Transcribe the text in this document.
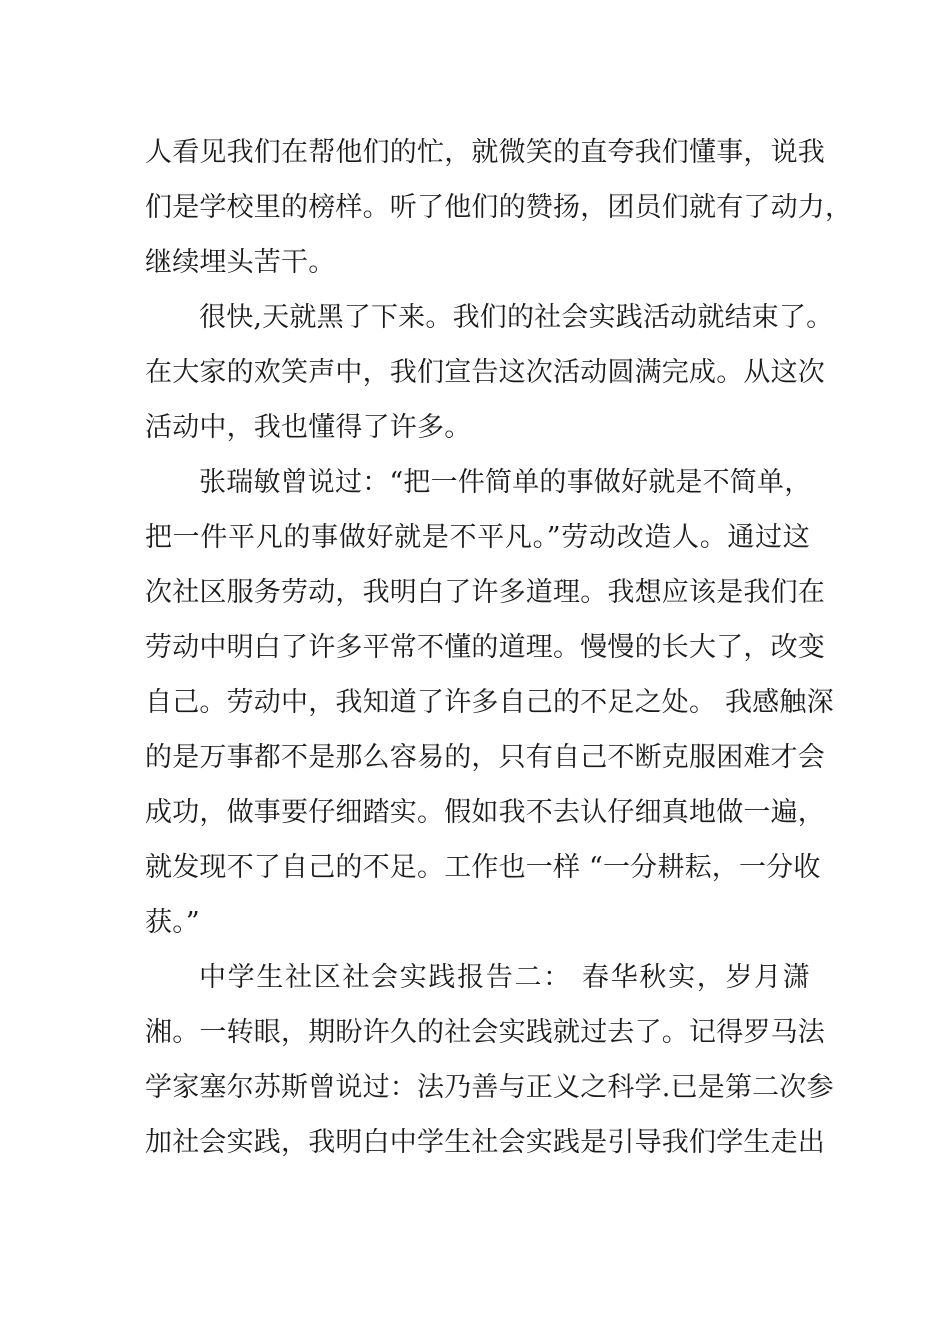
人看见我们在帮他们的忙，就微笑的直夸我们懂事，说我
们是学校里的榜样。听了他们的赞扬，团员们就有了动力，
继续埋头苦干。
很快,天就黑了下来。我们的社会实践活动就结束了。
在大家的欢笑声中，我们宣告这次活动圆满完成。从这次
活动中，我也懂得了许多。
张瑞敏曾说过：“把一件简单的事做好就是不简单，
把一件平凡的事做好就是不平凡。”劳动改造人。通过这
次社区服务劳动，我明白了许多道理。我想应该是我们在
劳动中明白了许多平常不懂的道理。慢慢的长大了，改变
自己。劳动中，我知道了许多自己的不足之处。 我感触深
的是万事都不是那么容易的，只有自己不断克服困难才会
成功，做事要仔细踏实。假如我不去认仔细真地做一遍，
就发现不了自己的不足。工作也一样 “一分耕耘，一分收
获。”
中学生社区社会实践报告二： 春华秋实，岁月潇
湘。一转眼，期盼许久的社会实践就过去了。记得罗马法
学家塞尔苏斯曾说过：法乃善与正义之科学.已是第二次参
加社会实践，我明白中学生社会实践是引导我们学生走出
